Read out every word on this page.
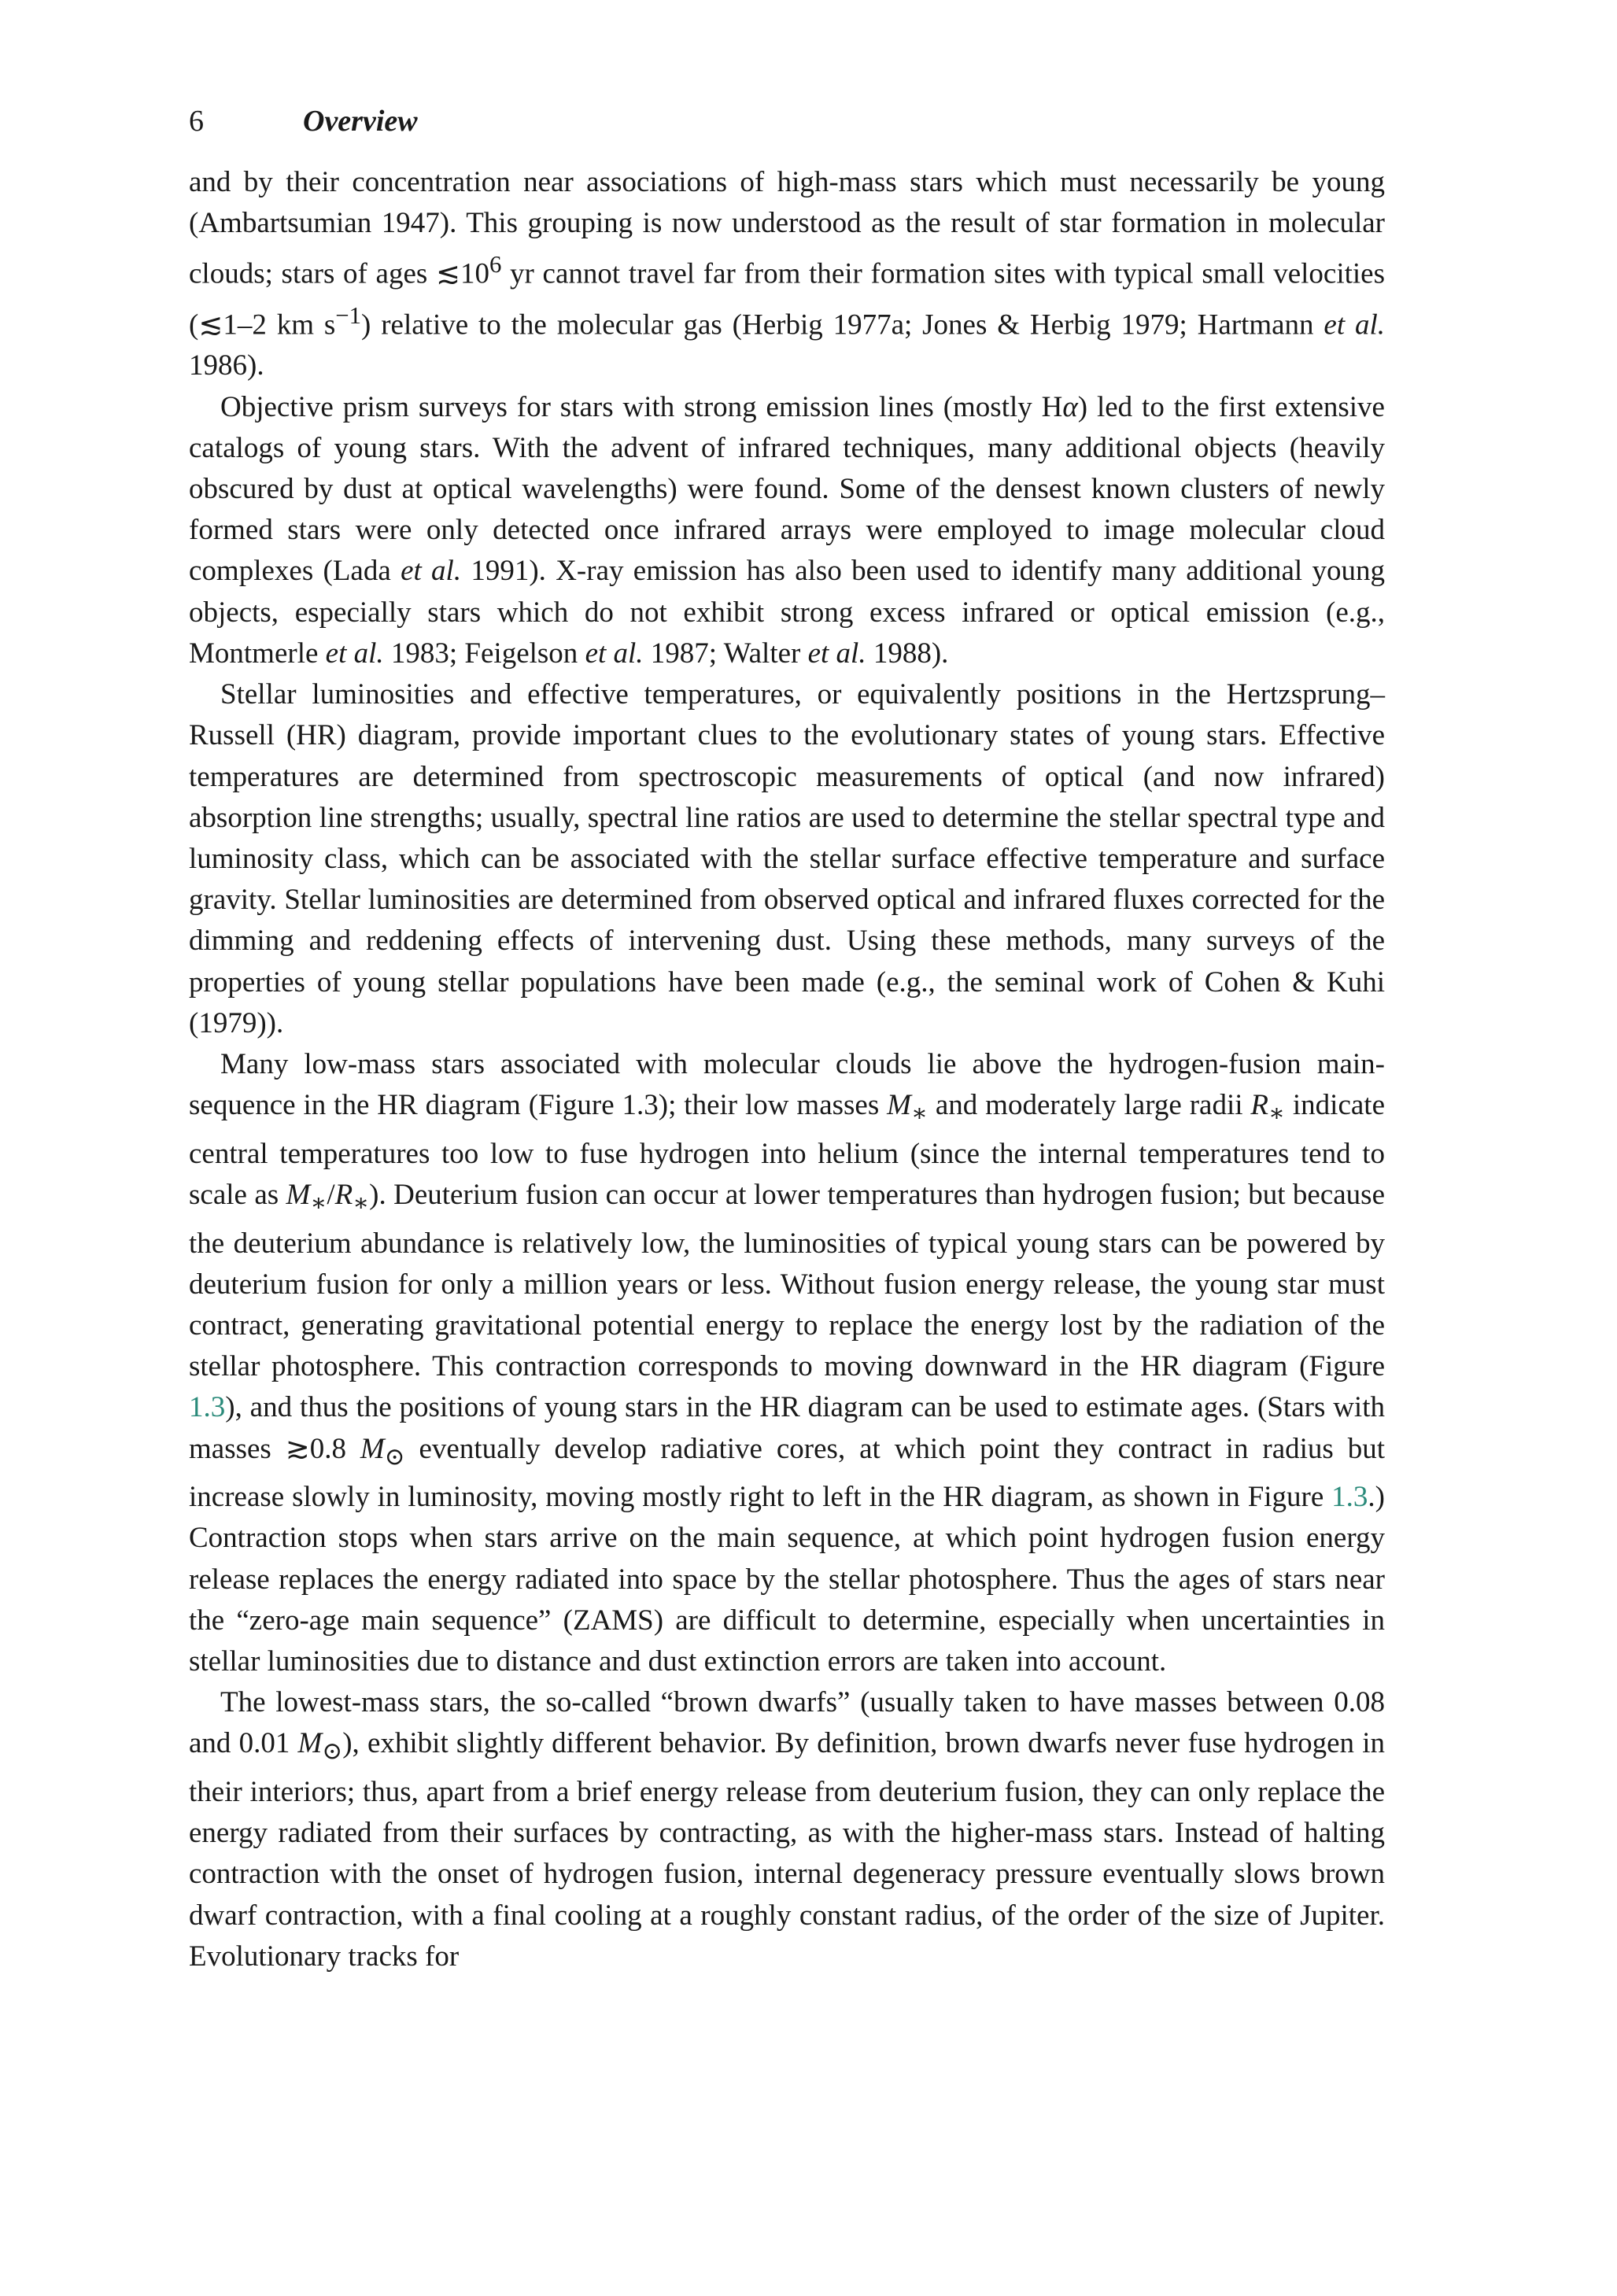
6	Overview

and by their concentration near associations of high-mass stars which must necessarily be young (Ambartsumian 1947). This grouping is now understood as the result of star formation in molecular clouds; stars of ages $≲10^6$ yr cannot travel far from their formation sites with typical small velocities (≲1–2 km $s^{-1}$) relative to the molecular gas (Herbig 1977a; Jones & Herbig 1979; Hartmann et al. 1986).

Objective prism surveys for stars with strong emission lines (mostly Hα) led to the first extensive catalogs of young stars. With the advent of infrared techniques, many additional objects (heavily obscured by dust at optical wavelengths) were found. Some of the densest known clusters of newly formed stars were only detected once infrared arrays were employed to image molecular cloud complexes (Lada et al. 1991). X-ray emission has also been used to identify many additional young objects, especially stars which do not exhibit strong excess infrared or optical emission (e.g., Montmerle et al. 1983; Feigelson et al. 1987; Walter et al. 1988).

Stellar luminosities and effective temperatures, or equivalently positions in the Hertzsprung–Russell (HR) diagram, provide important clues to the evolutionary states of young stars. Effective temperatures are determined from spectroscopic measurements of optical (and now infrared) absorption line strengths; usually, spectral line ratios are used to determine the stellar spectral type and luminosity class, which can be associated with the stellar surface effective temperature and surface gravity. Stellar luminosities are determined from observed optical and infrared fluxes corrected for the dimming and reddening effects of intervening dust. Using these methods, many surveys of the properties of young stellar populations have been made (e.g., the seminal work of Cohen & Kuhi (1979)).

Many low-mass stars associated with molecular clouds lie above the hydrogen-fusion main-sequence in the HR diagram (Figure 1.3); their low masses $M_∗$ and moderately large radii $R_∗$ indicate central temperatures too low to fuse hydrogen into helium (since the internal temperatures tend to scale as $M_∗/R_∗$). Deuterium fusion can occur at lower temperatures than hydrogen fusion; but because the deuterium abundance is relatively low, the luminosities of typical young stars can be powered by deuterium fusion for only a million years or less. Without fusion energy release, the young star must contract, generating gravitational potential energy to replace the energy lost by the radiation of the stellar photosphere. This contraction corresponds to moving downward in the HR diagram (Figure 1.3), and thus the positions of young stars in the HR diagram can be used to estimate ages. (Stars with masses ≳0.8 $M_⊙$ eventually develop radiative cores, at which point they contract in radius but increase slowly in luminosity, moving mostly right to left in the HR diagram, as shown in Figure 1.3.) Contraction stops when stars arrive on the main sequence, at which point hydrogen fusion energy release replaces the energy radiated into space by the stellar photosphere. Thus the ages of stars near the “zero-age main sequence” (ZAMS) are difficult to determine, especially when uncertainties in stellar luminosities due to distance and dust extinction errors are taken into account.

The lowest-mass stars, the so-called “brown dwarfs” (usually taken to have masses between 0.08 and 0.01 $M_⊙$), exhibit slightly different behavior. By definition, brown dwarfs never fuse hydrogen in their interiors; thus, apart from a brief energy release from deuterium fusion, they can only replace the energy radiated from their surfaces by contracting, as with the higher-mass stars. Instead of halting contraction with the onset of hydrogen fusion, internal degeneracy pressure eventually slows brown dwarf contraction, with a final cooling at a roughly constant radius, of the order of the size of Jupiter. Evolutionary tracks for
